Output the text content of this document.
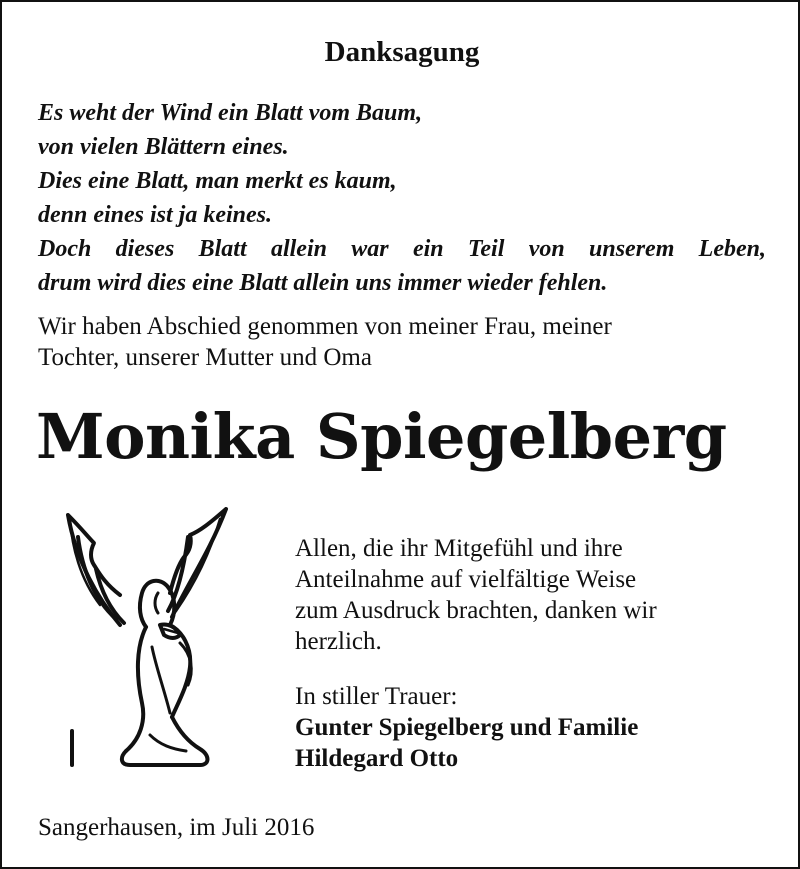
Danksagung
Es weht der Wind ein Blatt vom Baum,
von vielen Blättern eines.
Dies eine Blatt, man merkt es kaum,
denn eines ist ja keines.
Doch dieses Blatt allein war ein Teil von unserem Leben,
drum wird dies eine Blatt allein uns immer wieder fehlen.
Wir haben Abschied genommen von meiner Frau, meiner
Tochter, unserer Mutter und Oma
Monika Spiegelberg
Allen, die ihr Mitgefühl und ihre
Anteilnahme auf vielfältige Weise
zum Ausdruck brachten, danken wir
herzlich.
In stiller Trauer:
Gunter Spiegelberg und Familie
Hildegard Otto
Sangerhausen, im Juli 2016
